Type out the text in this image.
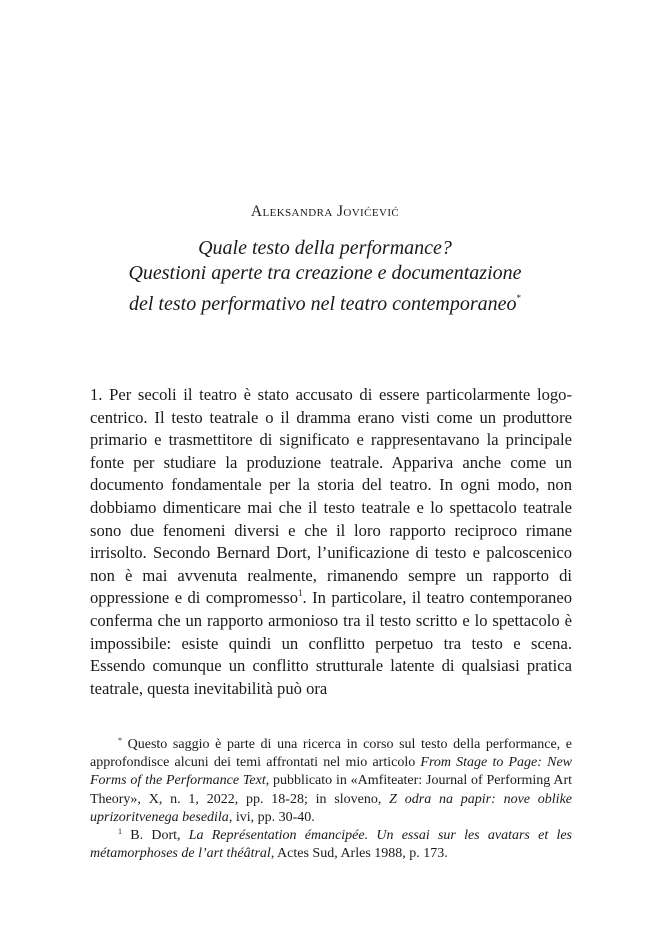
Aleksandra Jovićević
Quale testo della performance?
Questioni aperte tra creazione e documentazione
del testo performativo nel teatro contemporaneo*
1. Per secoli il teatro è stato accusato di essere particolarmente logocentrico. Il testo teatrale o il dramma erano visti come un produttore primario e trasmettitore di significato e rappresentavano la principale fonte per studiare la produzione teatrale. Appariva anche come un documento fondamentale per la storia del teatro. In ogni modo, non dobbiamo dimenticare mai che il testo teatrale e lo spettacolo teatrale sono due fenomeni diversi e che il loro rapporto reciproco rimane irrisolto. Secondo Bernard Dort, l’unificazione di testo e palcoscenico non è mai avvenuta realmente, rimanendo sempre un rapporto di oppressione e di compromesso$^1$. In particolare, il teatro contemporaneo conferma che un rapporto armonioso tra il testo scritto e lo spettacolo è impossibile: esiste quindi un conflitto perpetuo tra testo e scena. Essendo comunque un conflitto strutturale latente di qualsiasi pratica teatrale, questa inevitabilità può ora

* Questo saggio è parte di una ricerca in corso sul testo della performance, e approfondisce alcuni dei temi affrontati nel mio articolo From Stage to Page: New Forms of the Performance Text, pubblicato in «Amfiteater: Journal of Performing Art Theory», X, n. 1, 2022, pp. 18-28; in sloveno, Z odra na papir: nove oblike uprizoritvenega besedila, ivi, pp. 30-40.

$^1$ B. Dort, La Représentation émancipée. Un essai sur les avatars et les métamorphoses de l’art théâtral, Actes Sud, Arles 1988, p. 173.
